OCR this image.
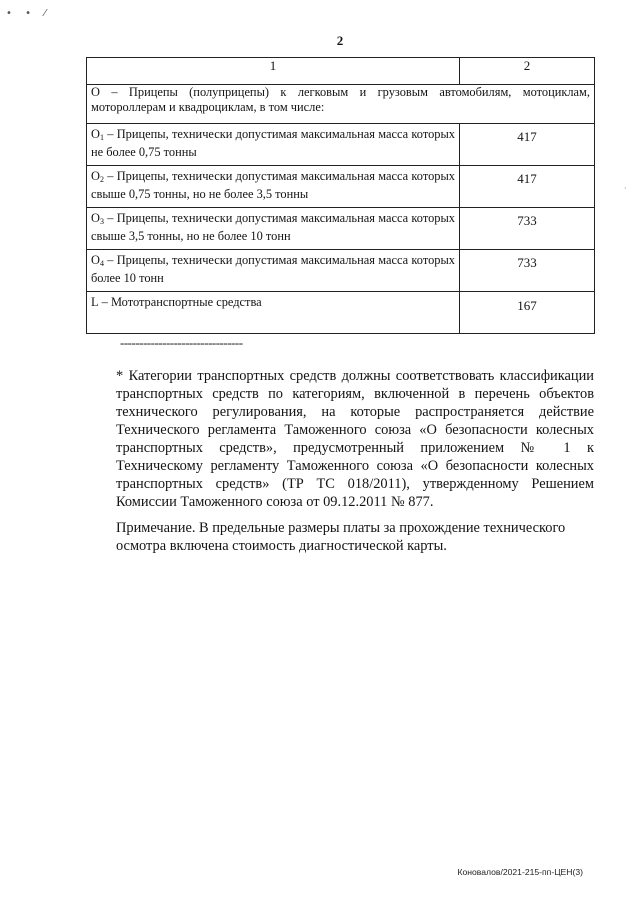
• • ⁄
·
2
1	2
O – Прицепы (полуприцепы) к легковым и грузовым автомобилям, мотоциклам, мотороллерам и квадроциклам, в том числе:	
$O_1$ – Прицепы, технически допустимая максимальная масса которых не более 0,75 тонны	417
$O_2$ – Прицепы, технически допустимая максимальная масса которых свыше 0,75 тонны, но не более 3,5 тонны	417
$O_3$ – Прицепы, технически допустимая максимальная масса которых свыше 3,5 тонны, но не более 10 тонн	733
$O_4$ – Прицепы, технически допустимая максимальная масса которых более 10 тонн	733
L – Мототранспортные средства	167
--------------------------------

* Категории транспортных средств должны соответствовать классификации транспортных средств по категориям, включенной в перечень объектов технического регулирования, на которые распространяется действие Технического регламента Таможенного союза «О безопасности колесных транспортных средств», предусмотренный приложением № 1 к Техническому регламенту Таможенного союза «О безопасности колесных транспортных средств» (ТР ТС 018/2011), утвержденному Решением Комиссии Таможенного союза от 09.12.2011 № 877.

Примечание. В предельные размеры платы за прохождение технического осмотра включена стоимость диагностической карты.

Коновалов/2021-215-пп-ЦЕН(3)
